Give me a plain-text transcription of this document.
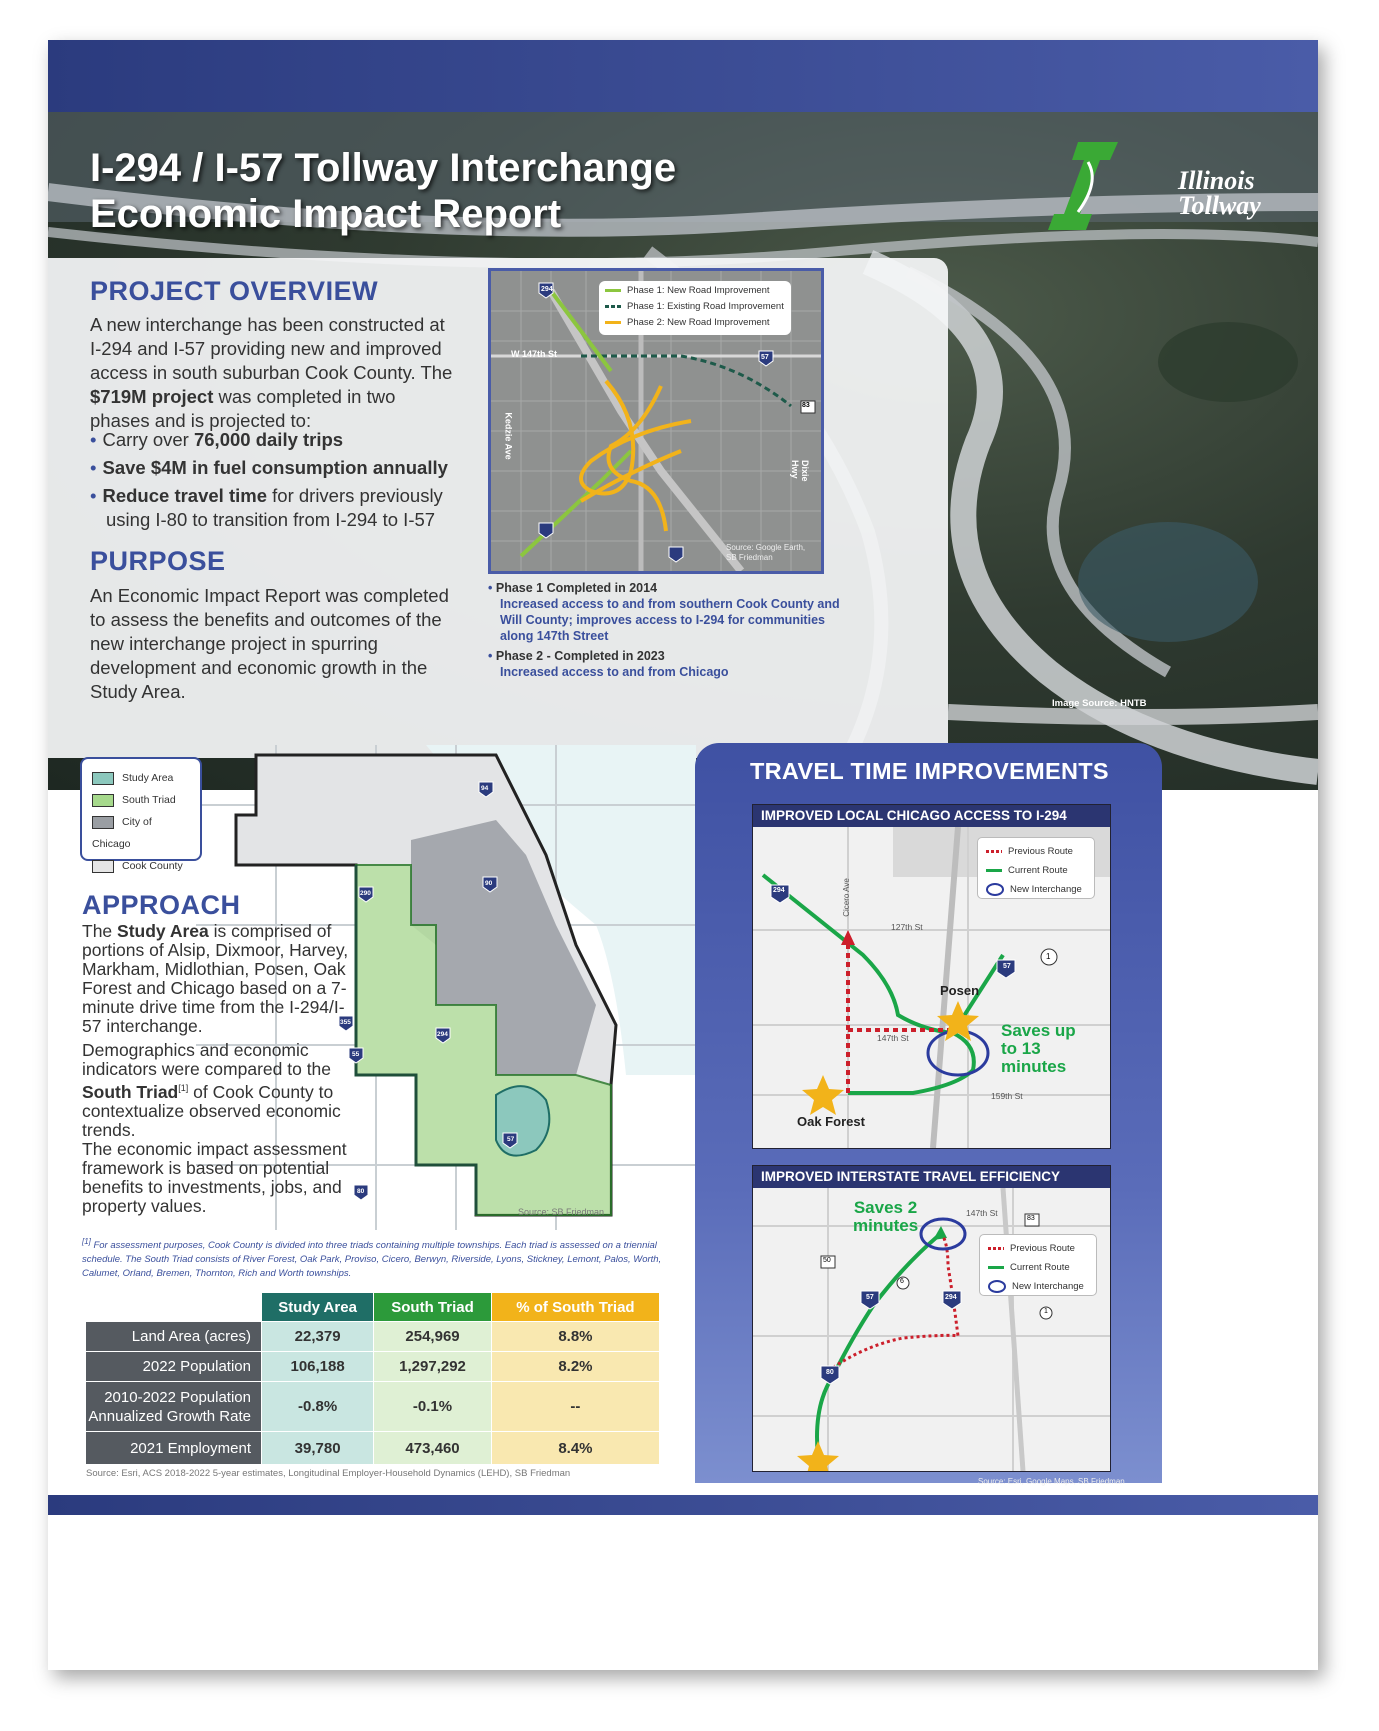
PROJECT OVERVIEW
A new interchange has been constructed at I-294 and I-57 providing new and improved access in south suburban Cook County. The $719M project was completed in two phases and is projected to:
• Carry over 76,000 daily trips
• Save $4M in fuel consumption annually
• Reduce travel time for drivers previously using I-80 to transition from I-294 to I-57
PURPOSE
An Economic Impact Report was completed to assess the benefits and outcomes of the new interchange project in spurring development and economic growth in the Study Area.
I-294 / I-57 Tollway Interchange
Economic Impact Report
Illinois
Tollway
294
57
83
W 147th St
Kedzie Ave
Dixie Hwy
Phase 1: New Road Improvement
Phase 1: Existing Road Improvement
Phase 2: New Road Improvement
Source: Google Earth, SB Friedman
• Phase 1 Completed in 2014
Increased access to and from southern Cook County and Will County; improves access to I-294 for communities along 147th Street
• Phase 2 - Completed in 2023
Increased access to and from Chicago
Image Source: HNTB
94
90
290
294
355
55
57
80
Source: SB Friedman
Study Area
South Triad
City of Chicago
Cook County
APPROACH
The Study Area is comprised of portions of Alsip, Dixmoor, Harvey, Markham, Midlothian, Posen, Oak Forest and Chicago based on a 7-minute drive time from the I-294/I-57 interchange.
Demographics and economic indicators were compared to the South Triad[1] of Cook County to contextualize observed economic trends.
The economic impact assessment framework is based on potential benefits to investments, jobs, and property values.
[1] For assessment purposes, Cook County is divided into three triads containing multiple townships. Each triad is assessed on a triennial schedule. The South Triad consists of River Forest, Oak Park, Proviso, Cicero, Berwyn, Riverside, Lyons, Stickney, Lemont, Palos, Worth, Calumet, Orland, Bremen, Thornton, Rich and Worth townships.
	Study Area	South Triad	% of South Triad
Land Area (acres)	22,379	254,969	8.8%
2022 Population	106,188	1,297,292	8.2%
2010-2022 Population Annualized Growth Rate	-0.8%	-0.1%	--
2021 Employment	39,780	473,460	8.4%
Source: Esri, ACS 2018-2022 5-year estimates, Longitudinal Employer-Household Dynamics (LEHD), SB Friedman
TRAVEL TIME IMPROVEMENTS
IMPROVED LOCAL CHICAGO ACCESS TO I-294
Previous Route
Current Route
New Interchange
294
57
1
Saves up to 13 minutes
Posen
Oak Forest
127th St
147th St
159th St
Cicero Ave
IMPROVED INTERSTATE TRAVEL EFFICIENCY
Previous Route
Current Route
New Interchange
Saves 2 minutes
147th St
83
50
6
57	294
1
80
Source: Esri, Google Maps, SB Friedman
